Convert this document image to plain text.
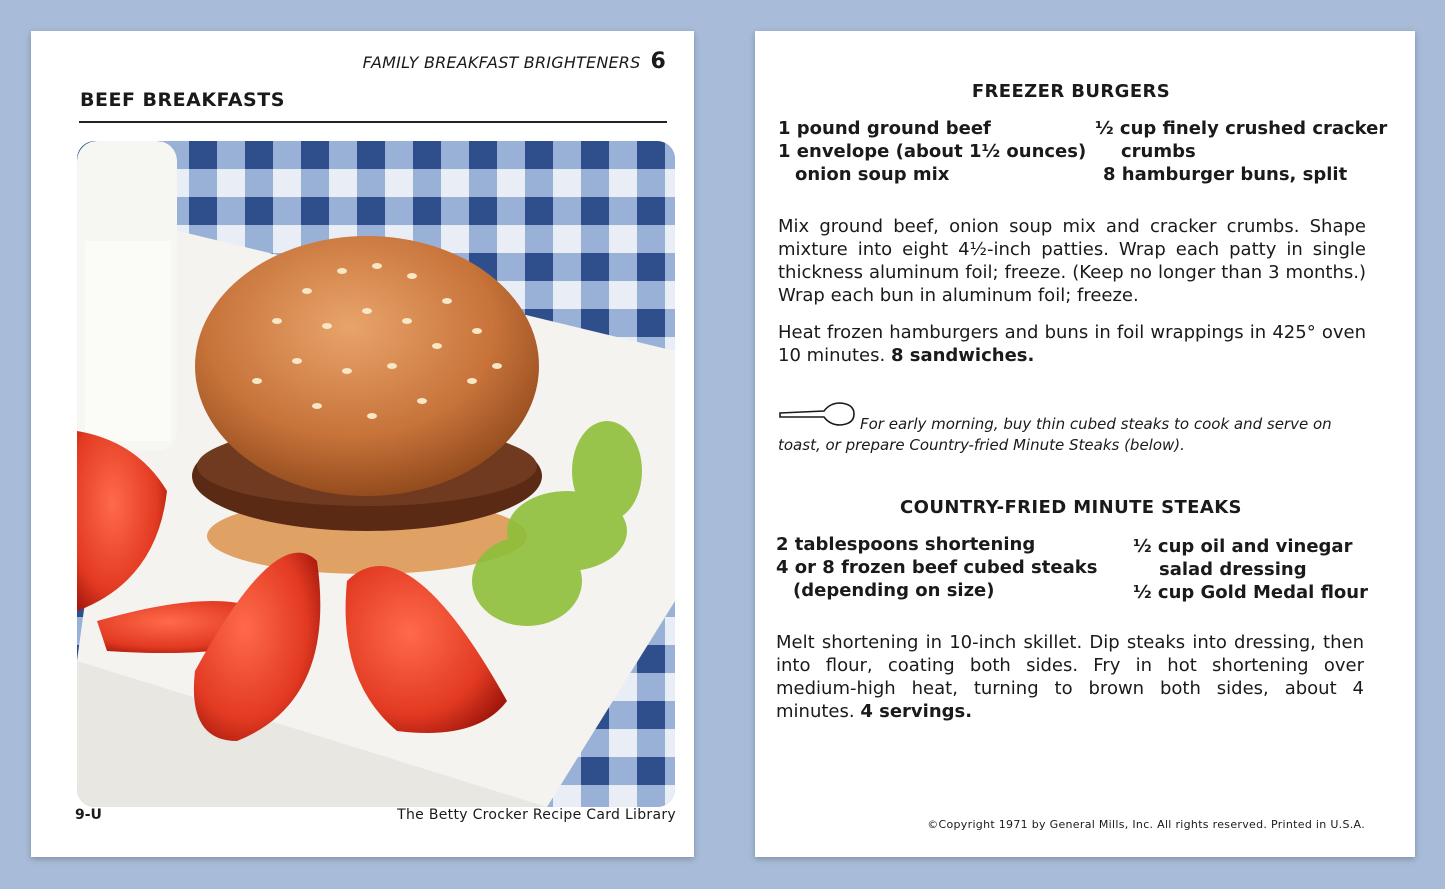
FAMILY BREAKFAST BRIGHTENERS 6
BEEF BREAKFASTS
9-U	The Betty Crocker Recipe Card Library
FREEZER BURGERS
1 pound ground beef
1 envelope (about 1½ ounces)
onion soup mix
½ cup finely crushed cracker
crumbs
8 hamburger buns, split
Mix ground beef, onion soup mix and cracker crumbs. Shape mixture into eight 4½-inch patties. Wrap each patty in single thickness aluminum foil; freeze. (Keep no longer than 3 months.) Wrap each bun in aluminum foil; freeze.
Heat frozen hamburgers and buns in foil wrappings in 425° oven 10 minutes. 8 sandwiches.
For early morning, buy thin cubed steaks to cook and serve on toast, or prepare Country-fried Minute Steaks (below).
COUNTRY-FRIED MINUTE STEAKS
2 tablespoons shortening
4 or 8 frozen beef cubed steaks
(depending on size)
½ cup oil and vinegar
salad dressing
½ cup Gold Medal flour
Melt shortening in 10-inch skillet. Dip steaks into dressing, then into flour, coating both sides. Fry in hot shortening over medium-high heat, turning to brown both sides, about 4 minutes. 4 servings.
©Copyright 1971 by General Mills, Inc. All rights reserved. Printed in U.S.A.
